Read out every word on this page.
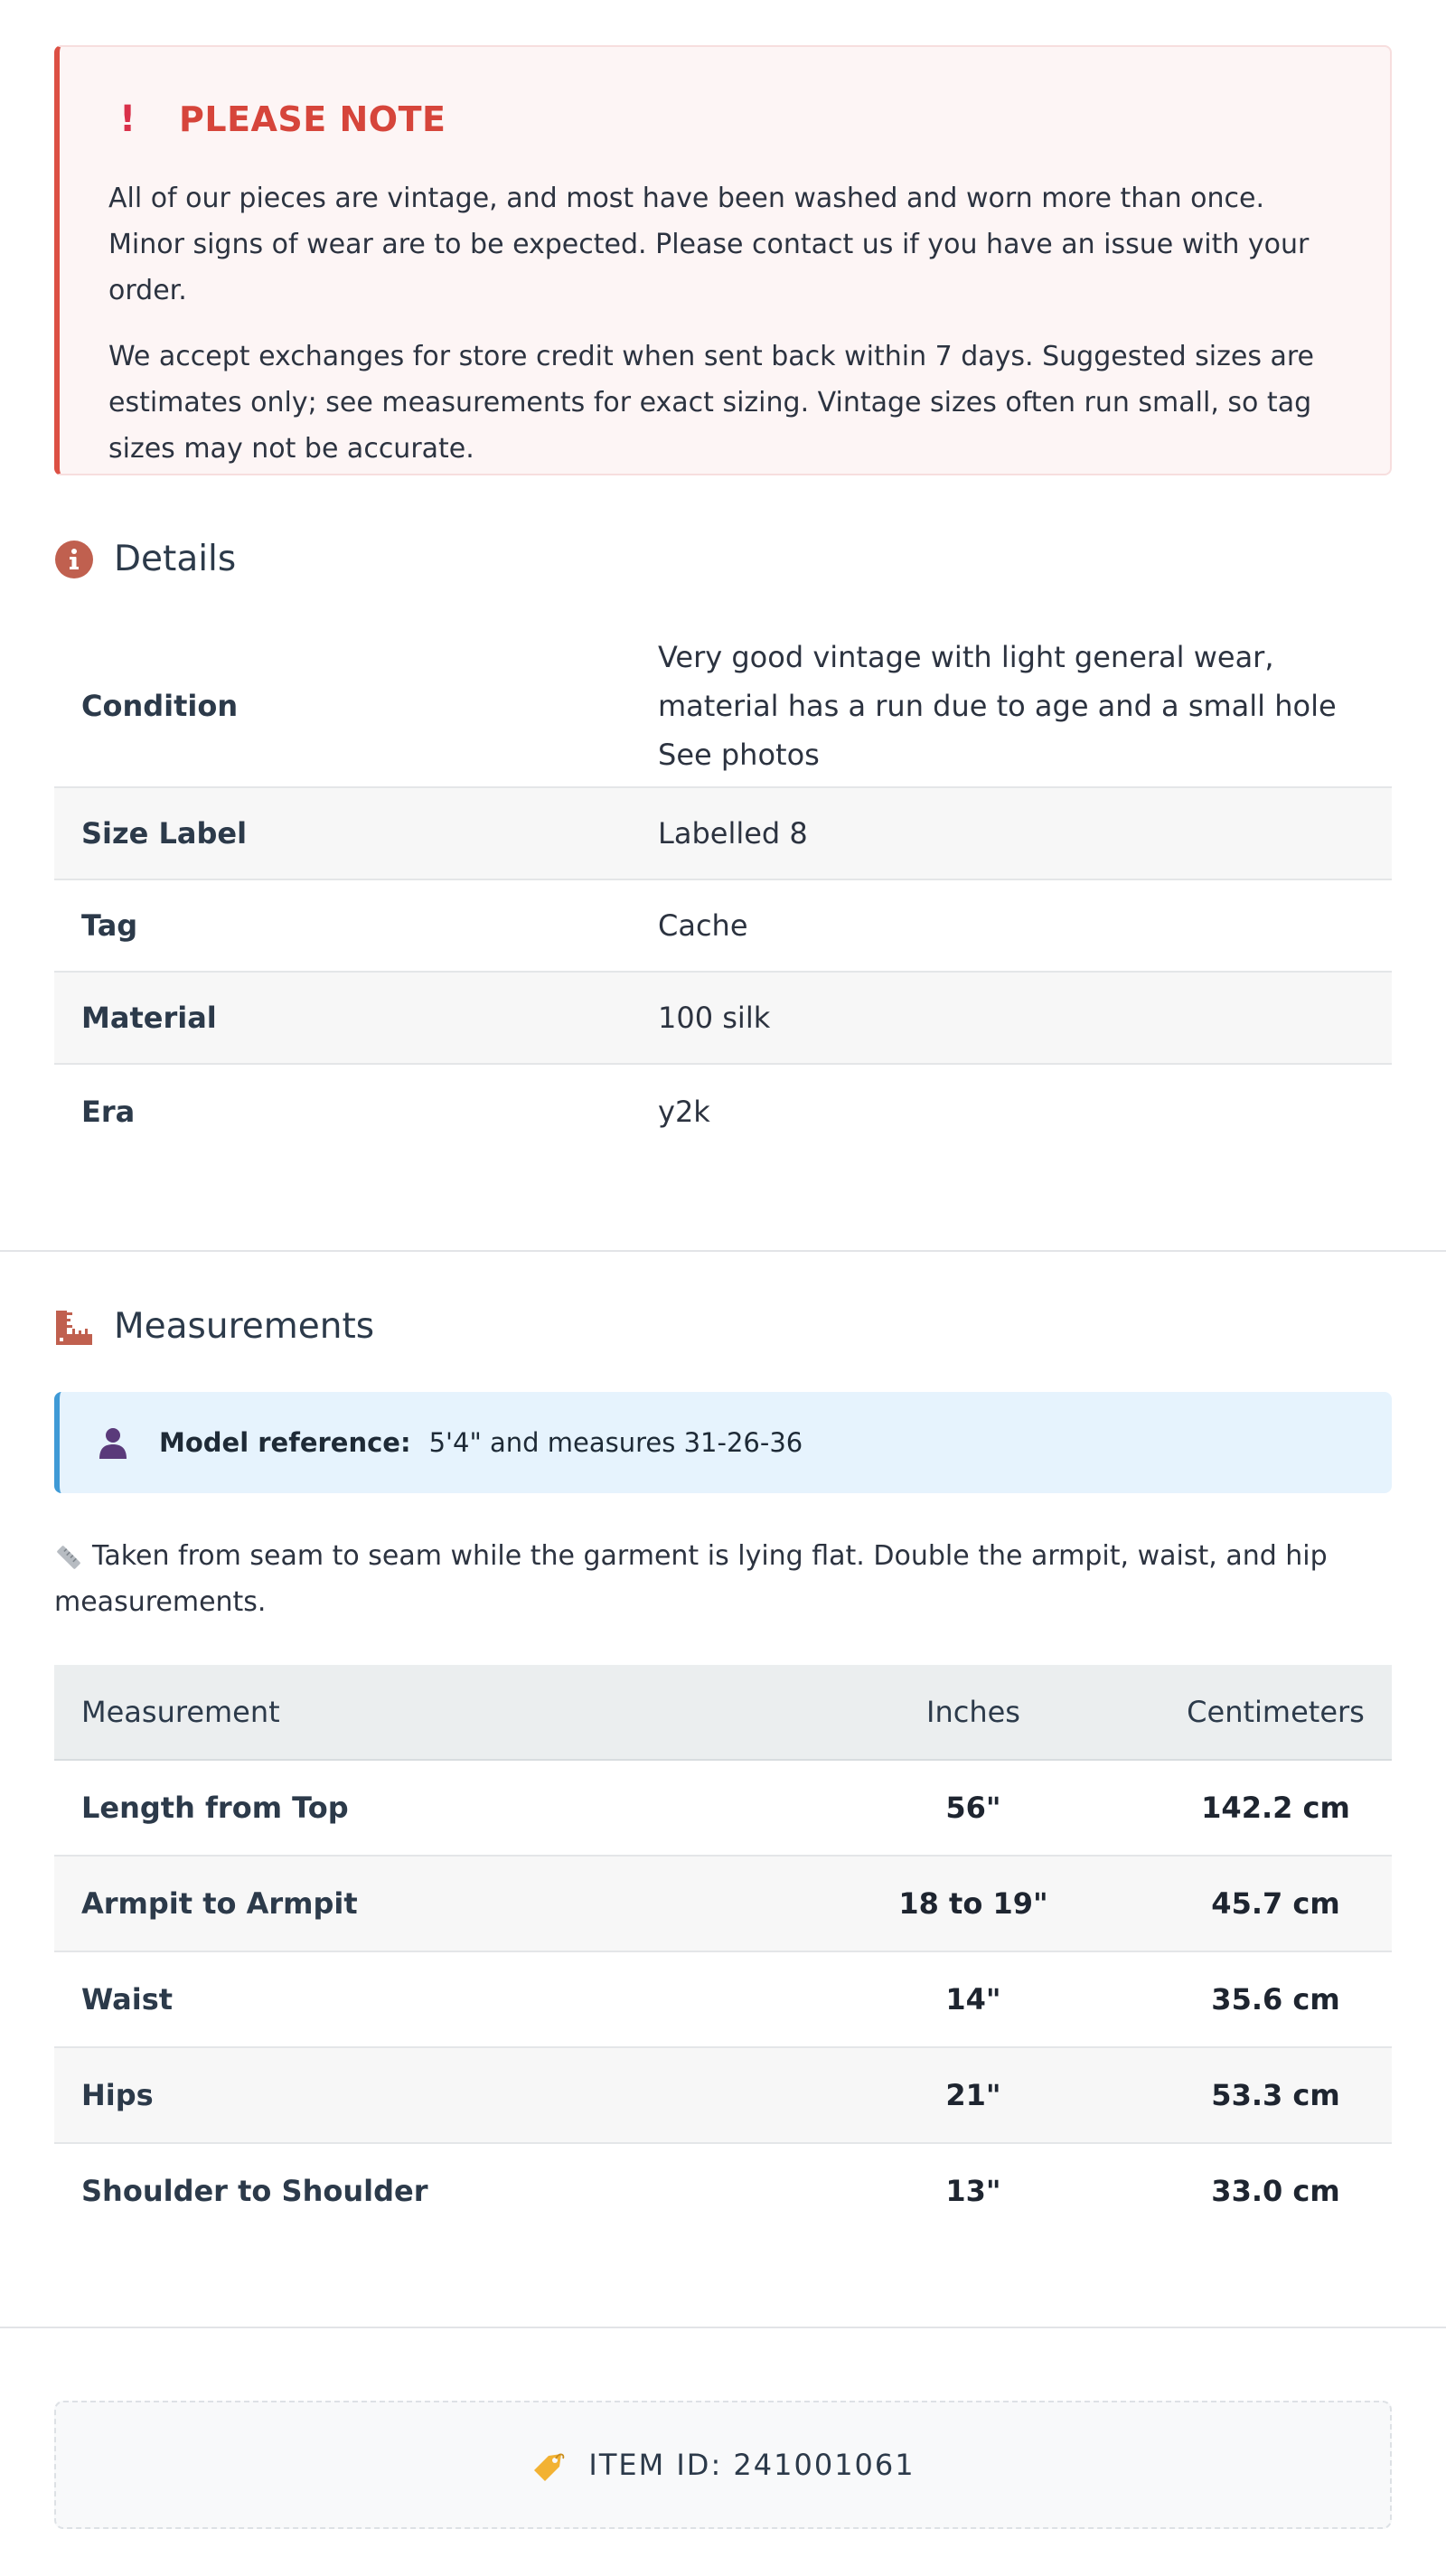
!	PLEASE NOTE

All of our pieces are vintage, and most have been washed and worn more than once. Minor signs of wear are to be expected. Please contact us if you have an issue with your order.

We accept exchanges for store credit when sent back within 7 days. Suggested sizes are estimates only; see measurements for exact sizing. Vintage sizes often run small, so tag sizes may not be accurate.

Details
Condition	Very good vintage with light general wear, material has a run due to age and a small hole See photos
Size Label	Labelled 8
Tag	Cache
Material	100 silk
Era	y2k
Measurements
Model reference: 5'4" and measures 31-26-36
Taken from seam to seam while the garment is lying flat. Double the armpit, waist, and hip measurements.
Measurement	Inches	Centimeters
Length from Top	56"	142.2 cm
Armpit to Armpit	18 to 19"	45.7 cm
Waist	14"	35.6 cm
Hips	21"	53.3 cm
Shoulder to Shoulder	13"	33.0 cm
ITEM ID: 241001061
